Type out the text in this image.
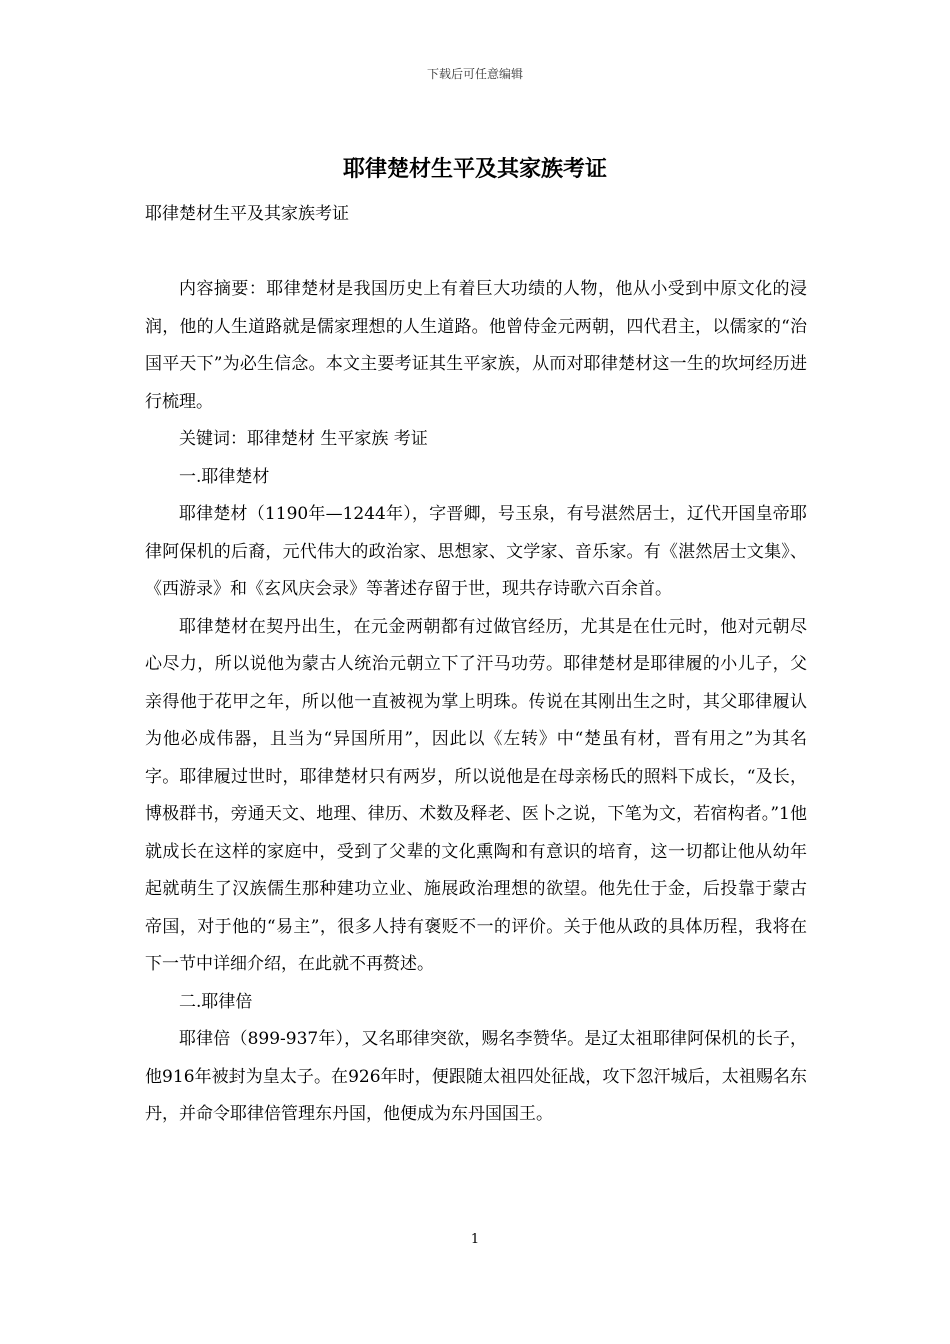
下载后可任意编辑
耶律楚材生平及其家族考证
耶律楚材生平及其家族考证

内容摘要：耶律楚材是我国历史上有着巨大功绩的人物，他从小受到中原文化的浸润，他的人生道路就是儒家理想的人生道路。他曾侍金元两朝，四代君主，以儒家的“治国平天下”为必生信念。本文主要考证其生平家族，从而对耶律楚材这一生的坎坷经历进行梳理。

关键词：耶律楚材 生平家族 考证

一.耶律楚材

耶律楚材（1190年—1244年），字晋卿，号玉泉，有号湛然居士，辽代开国皇帝耶律阿保机的后裔，元代伟大的政治家、思想家、文学家、音乐家。有《湛然居士文集》、《西游录》和《玄风庆会录》等著述存留于世，现共存诗歌六百余首。

耶律楚材在契丹出生，在元金两朝都有过做官经历，尤其是在仕元时，他对元朝尽心尽力，所以说他为蒙古人统治元朝立下了汗马功劳。耶律楚材是耶律履的小儿子，父亲得他于花甲之年，所以他一直被视为掌上明珠。传说在其刚出生之时，其父耶律履认为他必成伟器，且当为“异国所用”，因此以《左转》中“楚虽有材，晋有用之”为其名字。耶律履过世时，耶律楚材只有两岁，所以说他是在母亲杨氏的照料下成长，“及长，博极群书，旁通天文、地理、律历、术数及释老、医卜之说，下笔为文，若宿构者。”1他就成长在这样的家庭中，受到了父辈的文化熏陶和有意识的培育，这一切都让他从幼年起就萌生了汉族儒生那种建功立业、施展政治理想的欲望。他先仕于金，后投靠于蒙古帝国，对于他的“易主”，很多人持有褒贬不一的评价。关于他从政的具体历程，我将在下一节中详细介绍，在此就不再赘述。

二.耶律倍

耶律倍（899-937年），又名耶律突欲，赐名李赞华。是辽太祖耶律阿保机的长子，他916年被封为皇太子。在926年时，便跟随太祖四处征战，攻下忽汗城后，太祖赐名东丹，并命令耶律倍管理东丹国，他便成为东丹国国王。

1
